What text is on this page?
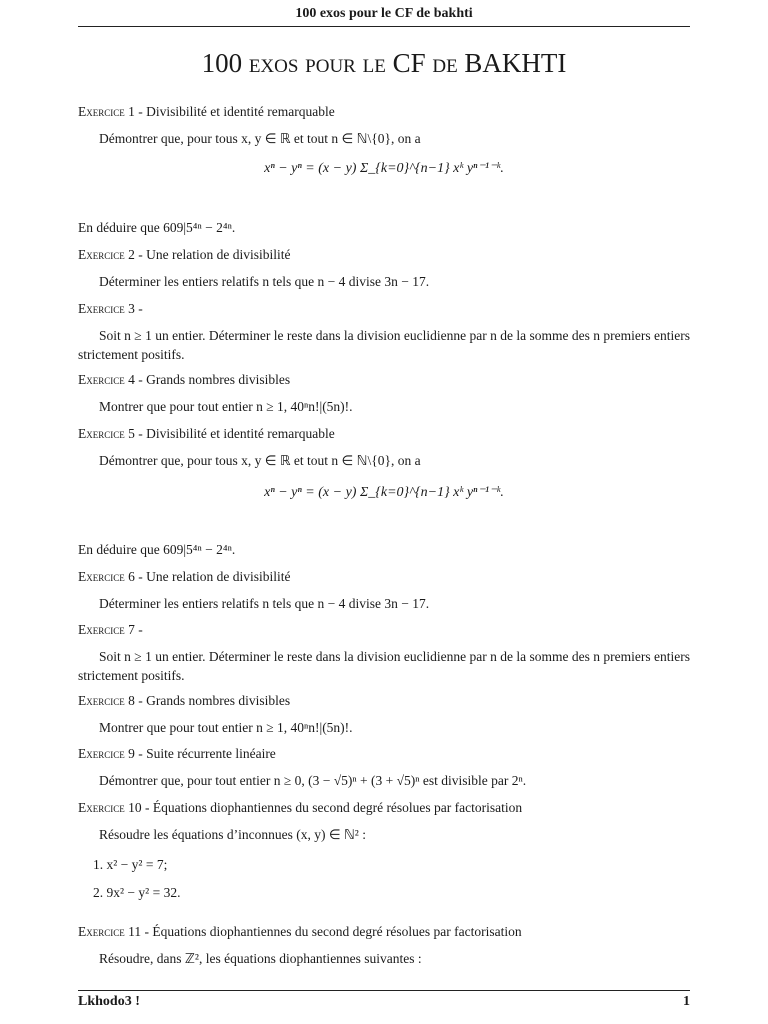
100 exos pour le CF de bakhti
100 exos pour le CF de BAKHTI
Exercice 1 - Divisibilité et identité remarquable
Démontrer que, pour tous x, y ∈ ℝ et tout n ∈ ℕ\{0}, on a
xⁿ − yⁿ = (x − y) Σ_{k=0}^{n−1} xᵏ yⁿ⁻¹⁻ᵏ.
En déduire que 609|5⁴ⁿ − 2⁴ⁿ.
Exercice 2 - Une relation de divisibilité
Déterminer les entiers relatifs n tels que n − 4 divise 3n − 17.
Exercice 3 -
Soit n ≥ 1 un entier. Déterminer le reste dans la division euclidienne par n de la somme des n premiers entiers strictement positifs.
Exercice 4 - Grands nombres divisibles
Montrer que pour tout entier n ≥ 1, 40ⁿn!|(5n)!.
Exercice 5 - Divisibilité et identité remarquable
Démontrer que, pour tous x, y ∈ ℝ et tout n ∈ ℕ\{0}, on a
xⁿ − yⁿ = (x − y) Σ_{k=0}^{n−1} xᵏ yⁿ⁻¹⁻ᵏ.
En déduire que 609|5⁴ⁿ − 2⁴ⁿ.
Exercice 6 - Une relation de divisibilité
Déterminer les entiers relatifs n tels que n − 4 divise 3n − 17.
Exercice 7 -
Soit n ≥ 1 un entier. Déterminer le reste dans la division euclidienne par n de la somme des n premiers entiers strictement positifs.
Exercice 8 - Grands nombres divisibles
Montrer que pour tout entier n ≥ 1, 40ⁿn!|(5n)!.
Exercice 9 - Suite récurrente linéaire
Démontrer que, pour tout entier n ≥ 0, (3 − √5)ⁿ + (3 + √5)ⁿ est divisible par 2ⁿ.
Exercice 10 - Équations diophantiennes du second degré résolues par factorisation
Résoudre les équations d’inconnues (x, y) ∈ ℕ² :
1. x² − y² = 7;
2. 9x² − y² = 32.
Exercice 11 - Équations diophantiennes du second degré résolues par factorisation
Résoudre, dans ℤ², les équations diophantiennes suivantes :
Lkhodo3 !	1
